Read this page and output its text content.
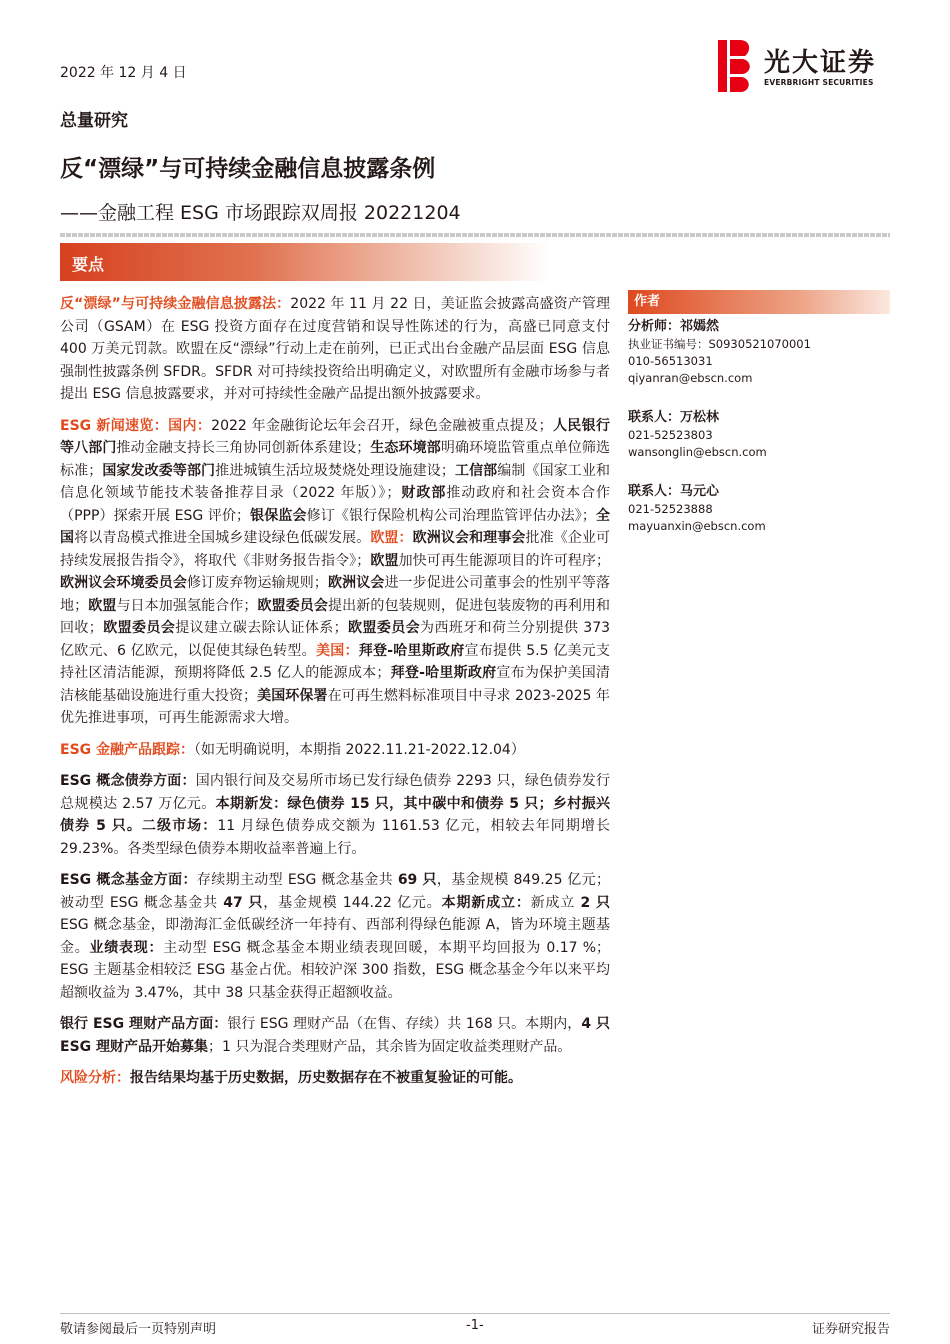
2022 年 12 月 4 日	光大证券
EVERBRIGHT SECURITIES
总量研究
反“漂绿”与可持续金融信息披露条例
——金融工程 ESG 市场跟踪双周报 20221204
要点

反“漂绿”与可持续金融信息披露法：2022 年 11 月 22 日，美证监会披露高盛资产管理公司（GSAM）在 ESG 投资方面存在过度营销和误导性陈述的行为，高盛已同意支付 400 万美元罚款。欧盟在反“漂绿”行动上走在前列，已正式出台金融产品层面 ESG 信息强制性披露条例 SFDR。SFDR 对可持续投资给出明确定义，对欧盟所有金融市场参与者提出 ESG 信息披露要求，并对可持续性金融产品提出额外披露要求。

ESG 新闻速览：国内：2022 年金融街论坛年会召开，绿色金融被重点提及；人民银行等八部门推动金融支持长三角协同创新体系建设；生态环境部明确环境监管重点单位筛选标准；国家发改委等部门推进城镇生活垃圾焚烧处理设施建设；工信部编制《国家工业和信息化领域节能技术装备推荐目录（2022 年版）》；财政部推动政府和社会资本合作（PPP）探索开展 ESG 评价；银保监会修订《银行保险机构公司治理监管评估办法》；全国将以青岛模式推进全国城乡建设绿色低碳发展。欧盟：欧洲议会和理事会批准《企业可持续发展报告指令》，将取代《非财务报告指令》；欧盟加快可再生能源项目的许可程序；欧洲议会环境委员会修订废弃物运输规则；欧洲议会进一步促进公司董事会的性别平等落地；欧盟与日本加强氢能合作；欧盟委员会提出新的包装规则，促进包装废物的再利用和回收；欧盟委员会提议建立碳去除认证体系；欧盟委员会为西班牙和荷兰分别提供 373 亿欧元、6 亿欧元，以促使其绿色转型。美国：拜登-哈里斯政府宣布提供 5.5 亿美元支持社区清洁能源，预期将降低 2.5 亿人的能源成本；拜登-哈里斯政府宣布为保护美国清洁核能基础设施进行重大投资；美国环保署在可再生燃料标准项目中寻求 2023-2025 年优先推进事项，可再生能源需求大增。

ESG 金融产品跟踪：（如无明确说明，本期指 2022.11.21-2022.12.04）

ESG 概念债券方面：国内银行间及交易所市场已发行绿色债券 2293 只，绿色债券发行总规模达 2.57 万亿元。本期新发：绿色债券 15 只，其中碳中和债券 5 只；乡村振兴债券 5 只。二级市场：11 月绿色债券成交额为 1161.53 亿元，相较去年同期增长 29.23%。各类型绿色债券本期收益率普遍上行。

ESG 概念基金方面：存续期主动型 ESG 概念基金共 69 只，基金规模 849.25 亿元；被动型 ESG 概念基金共 47 只，基金规模 144.22 亿元。本期新成立：新成立 2 只 ESG 概念基金，即渤海汇金低碳经济一年持有、西部利得绿色能源 A，皆为环境主题基金。业绩表现：主动型 ESG 概念基金本期业绩表现回暖，本期平均回报为 0.17 %；ESG 主题基金相较泛 ESG 基金占优。相较沪深 300 指数，ESG 概念基金今年以来平均超额收益为 3.47%，其中 38 只基金获得正超额收益。

银行 ESG 理财产品方面：银行 ESG 理财产品（在售、存续）共 168 只。本期内，4 只 ESG 理财产品开始募集；1 只为混合类理财产品，其余皆为固定收益类理财产品。

风险分析：报告结果均基于历史数据，历史数据存在不被重复验证的可能。

作者
分析师：祁嫣然
执业证书编号：S0930521070001
010-56513031
qiyanran@ebscn.com
联系人：万松林
021-52523803
wansonglin@ebscn.com
联系人：马元心
021-52523888
mayuanxin@ebscn.com
敬请参阅最后一页特别声明	-1-	证券研究报告
